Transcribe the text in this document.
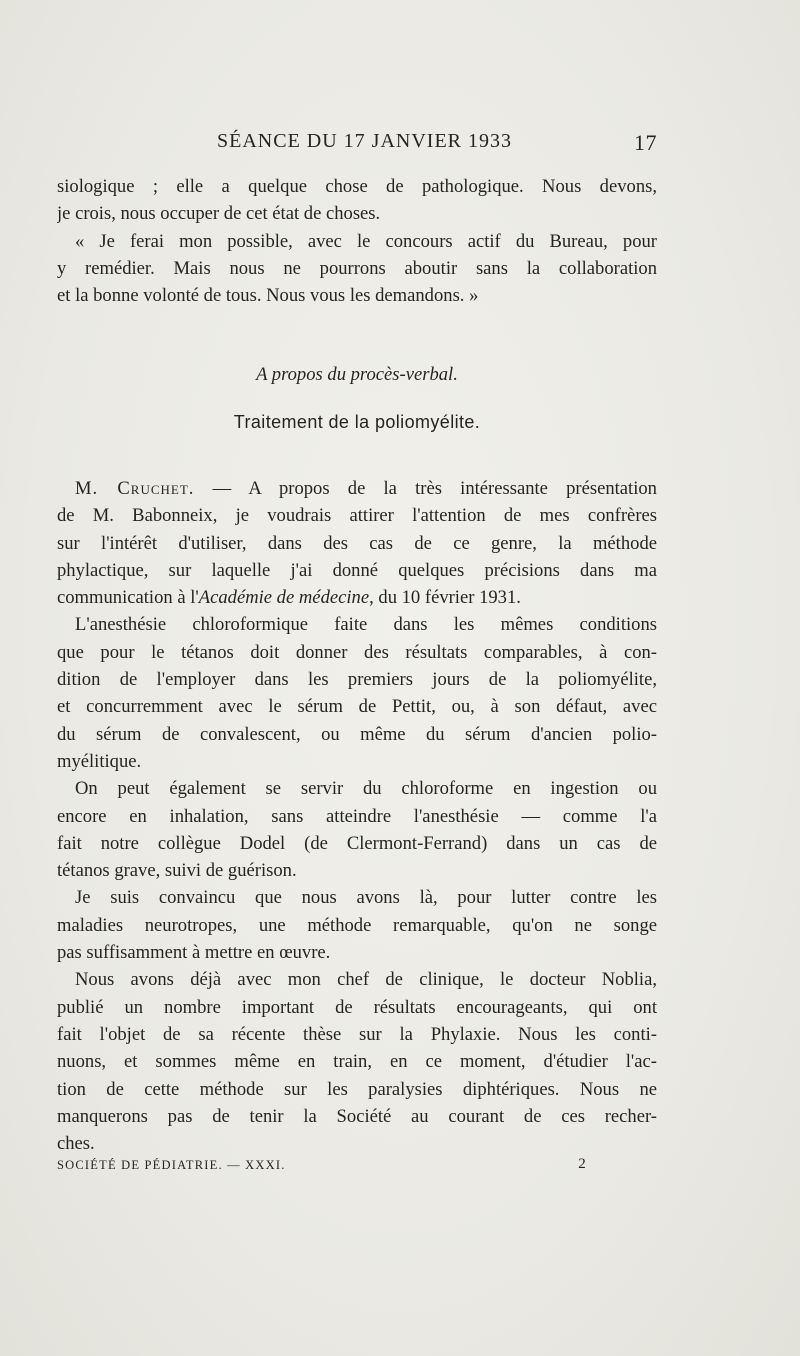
SÉANCE DU 17 JANVIER 1933	17
siologique ; elle a quelque chose de pathologique. Nous devons,
je crois, nous occuper de cet état de choses.
« Je ferai mon possible, avec le concours actif du Bureau, pour
y remédier. Mais nous ne pourrons aboutir sans la collaboration
et la bonne volonté de tous. Nous vous les demandons. »
A propos du procès-verbal.
Traitement de la poliomyélite.
M. Cruchet. — A propos de la très intéressante présentation
de M. Babonneix, je voudrais attirer l'attention de mes confrères
sur l'intérêt d'utiliser, dans des cas de ce genre, la méthode
phylactique, sur laquelle j'ai donné quelques précisions dans ma
communication à l'Académie de médecine, du 10 février 1931.
L'anesthésie chloroformique faite dans les mêmes conditions
que pour le tétanos doit donner des résultats comparables, à con-
dition de l'employer dans les premiers jours de la poliomyélite,
et concurremment avec le sérum de Pettit, ou, à son défaut, avec
du sérum de convalescent, ou même du sérum d'ancien polio-
myélitique.
On peut également se servir du chloroforme en ingestion ou
encore en inhalation, sans atteindre l'anesthésie — comme l'a
fait notre collègue Dodel (de Clermont-Ferrand) dans un cas de
tétanos grave, suivi de guérison.
Je suis convaincu que nous avons là, pour lutter contre les
maladies neurotropes, une méthode remarquable, qu'on ne songe
pas suffisamment à mettre en œuvre.
Nous avons déjà avec mon chef de clinique, le docteur Noblia,
publié un nombre important de résultats encourageants, qui ont
fait l'objet de sa récente thèse sur la Phylaxie. Nous les conti-
nuons, et sommes même en train, en ce moment, d'étudier l'ac-
tion de cette méthode sur les paralysies diphtériques. Nous ne
manquerons pas de tenir la Société au courant de ces recher-
ches.
SOCIÉTÉ DE PÉDIATRIE. — XXXI.	2
